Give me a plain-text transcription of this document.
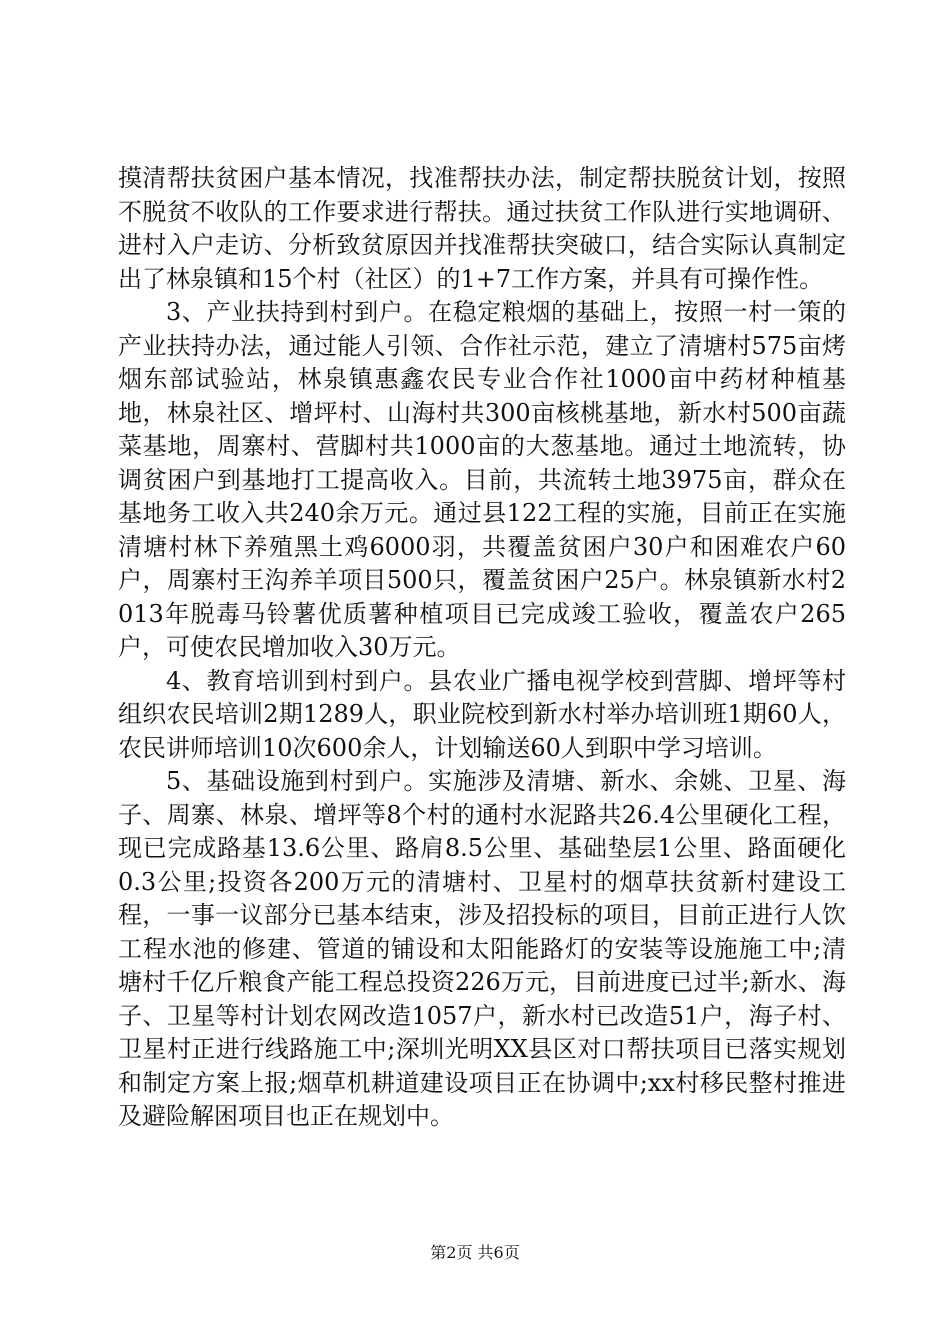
摸清帮扶贫困户基本情况，找准帮扶办法，制定帮扶脱贫计划，按照不脱贫不收队的工作要求进行帮扶。通过扶贫工作队进行实地调研、进村入户走访、分析致贫原因并找准帮扶突破口，结合实际认真制定出了林泉镇和15个村（社区）的1+7工作方案，并具有可操作性。

3、产业扶持到村到户。在稳定粮烟的基础上，按照一村一策的产业扶持办法，通过能人引领、合作社示范，建立了清塘村575亩烤烟东部试验站，林泉镇惠鑫农民专业合作社1000亩中药材种植基地，林泉社区、增坪村、山海村共300亩核桃基地，新水村500亩蔬菜基地，周寨村、营脚村共1000亩的大葱基地。通过土地流转，协调贫困户到基地打工提高收入。目前，共流转土地3975亩，群众在基地务工收入共240余万元。通过县122工程的实施，目前正在实施清塘村林下养殖黑土鸡6000羽，共覆盖贫困户30户和困难农户60户，周寨村王沟养羊项目500只，覆盖贫困户25户。林泉镇新水村2013年脱毒马铃薯优质薯种植项目已完成竣工验收，覆盖农户265户，可使农民增加收入30万元。

4、教育培训到村到户。县农业广播电视学校到营脚、增坪等村组织农民培训2期1289人，职业院校到新水村举办培训班1期60人，农民讲师培训10次600余人，计划输送60人到职中学习培训。

5、基础设施到村到户。实施涉及清塘、新水、余姚、卫星、海子、周寨、林泉、增坪等8个村的通村水泥路共26.4公里硬化工程，现已完成路基13.6公里、路肩8.5公里、基础垫层1公里、路面硬化0.3公里;投资各200万元的清塘村、卫星村的烟草扶贫新村建设工程，一事一议部分已基本结束，涉及招投标的项目，目前正进行人饮工程水池的修建、管道的铺设和太阳能路灯的安装等设施施工中;清塘村千亿斤粮食产能工程总投资226万元，目前进度已过半;新水、海子、卫星等村计划农网改造1057户，新水村已改造51户，海子村、卫星村正进行线路施工中;深圳光明XX县区对口帮扶项目已落实规划和制定方案上报;烟草机耕道建设项目正在协调中;xx村移民整村推进及避险解困项目也正在规划中。

第2页 共6页
